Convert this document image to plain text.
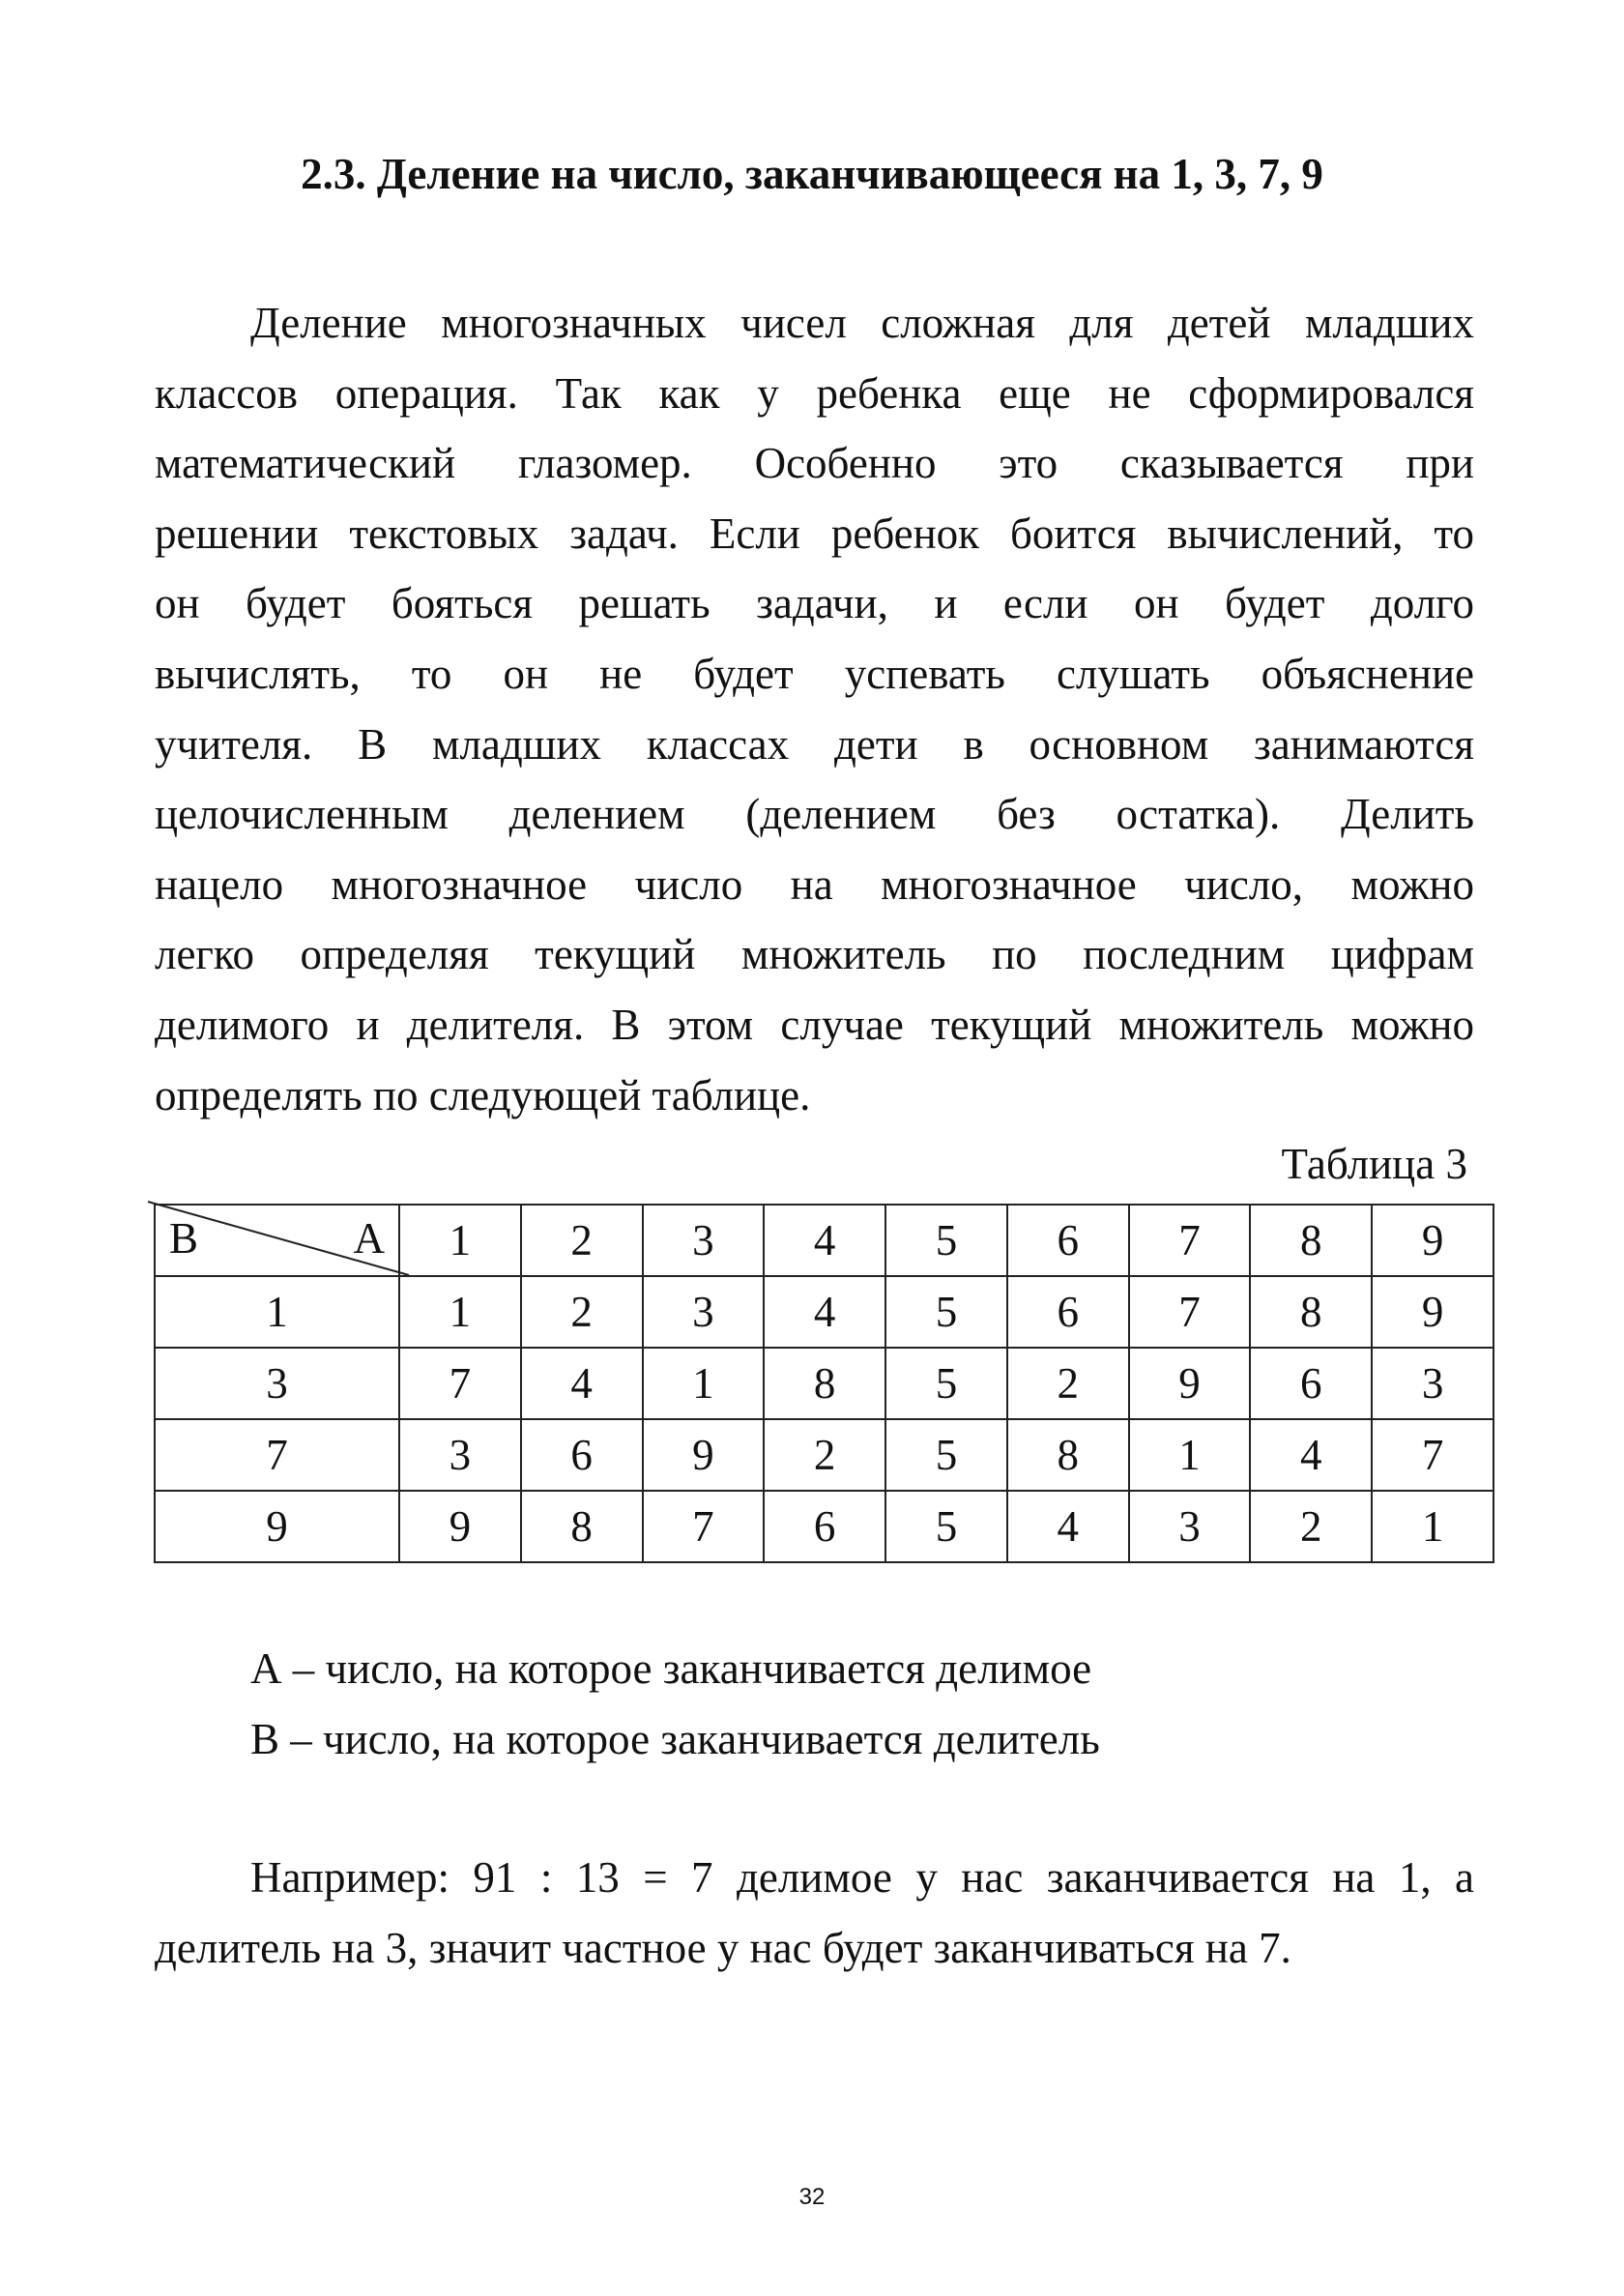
2.3. Деление на число, заканчивающееся на 1, 3, 7, 9
Деление многозначных чисел сложная для детей младших
классов операция. Так как у ребенка еще не сформировался
математический глазомер. Особенно это сказывается при
решении текстовых задач. Если ребенок боится вычислений, то
он будет бояться решать задачи, и если он будет долго
вычислять, то он не будет успевать слушать объяснение
учителя. В младших классах дети в основном занимаются
целочисленным делением (делением без остатка). Делить
нацело многозначное число на многозначное число, можно
легко определяя текущий множитель по последним цифрам
делимого и делителя. В этом случае текущий множитель можно
определять по следующей таблице.
Таблица 3
В А	1	2	3	4	5	6	7	8	9
1	1	2	3	4	5	6	7	8	9
3	7	4	1	8	5	2	9	6	3
7	3	6	9	2	5	8	1	4	7
9	9	8	7	6	5	4	3	2	1
А – число, на которое заканчивается делимое
В – число, на которое заканчивается делитель
Например: 91 : 13 = 7 делимое у нас заканчивается на 1, а
делитель на 3, значит частное у нас будет заканчиваться на 7.
32
